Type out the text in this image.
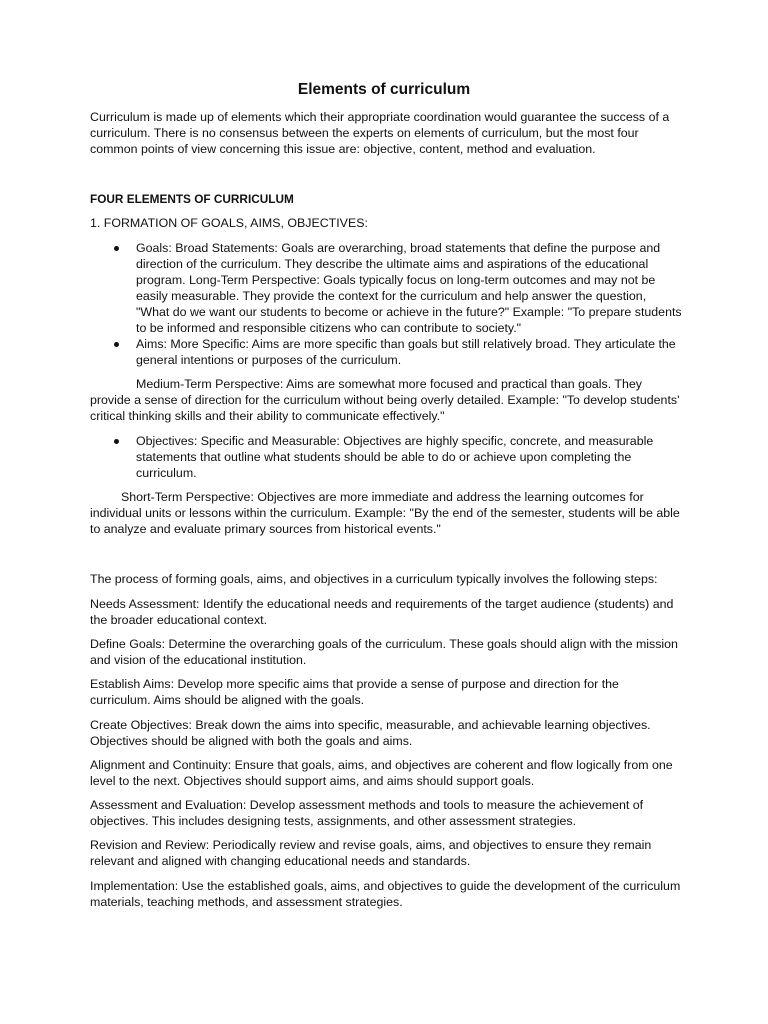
Elements of curriculum

Curriculum is made up of elements which their appropriate coordination would guarantee the success of a curriculum. There is no consensus between the experts on elements of curriculum, but the most four common points of view concerning this issue are: objective, content, method and evaluation.

FOUR ELEMENTS OF CURRICULUM

1. FORMATION OF GOALS, AIMS, OBJECTIVES:

Goals: Broad Statements: Goals are overarching, broad statements that define the purpose and direction of the curriculum. They describe the ultimate aims and aspirations of the educational program. Long-Term Perspective: Goals typically focus on long-term outcomes and may not be easily measurable. They provide the context for the curriculum and help answer the question, "What do we want our students to become or achieve in the future?" Example: "To prepare students to be informed and responsible citizens who can contribute to society."
Aims: More Specific: Aims are more specific than goals but still relatively broad. They articulate the general intentions or purposes of the curriculum.

Medium-Term Perspective: Aims are somewhat more focused and practical than goals. They provide a sense of direction for the curriculum without being overly detailed. Example: "To develop students' critical thinking skills and their ability to communicate effectively."

Objectives: Specific and Measurable: Objectives are highly specific, concrete, and measurable statements that outline what students should be able to do or achieve upon completing the curriculum.

Short-Term Perspective: Objectives are more immediate and address the learning outcomes for individual units or lessons within the curriculum. Example: "By the end of the semester, students will be able to analyze and evaluate primary sources from historical events."

The process of forming goals, aims, and objectives in a curriculum typically involves the following steps:

Needs Assessment: Identify the educational needs and requirements of the target audience (students) and the broader educational context.

Define Goals: Determine the overarching goals of the curriculum. These goals should align with the mission and vision of the educational institution.

Establish Aims: Develop more specific aims that provide a sense of purpose and direction for the curriculum. Aims should be aligned with the goals.

Create Objectives: Break down the aims into specific, measurable, and achievable learning objectives. Objectives should be aligned with both the goals and aims.

Alignment and Continuity: Ensure that goals, aims, and objectives are coherent and flow logically from one level to the next. Objectives should support aims, and aims should support goals.

Assessment and Evaluation: Develop assessment methods and tools to measure the achievement of objectives. This includes designing tests, assignments, and other assessment strategies.

Revision and Review: Periodically review and revise goals, aims, and objectives to ensure they remain relevant and aligned with changing educational needs and standards.

Implementation: Use the established goals, aims, and objectives to guide the development of the curriculum materials, teaching methods, and assessment strategies.
